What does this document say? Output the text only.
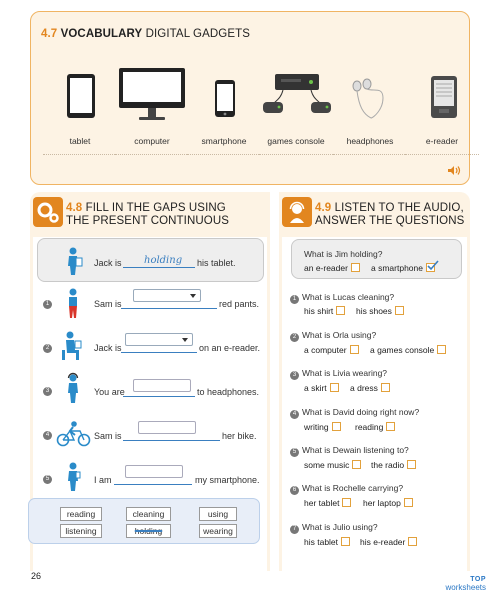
4.7 VOCABULARY DIGITAL GADGETS
tablet	computer	smartphone	games console	headphones	e-reader
4.8 FILL IN THE GAPS USING
THE PRESENT CONTINUOUS
Jack is holding his tablet.
1	Sam is	red pants.
2	Jack is	on an e-reader.
3	You are	to headphones.
4	Sam is	her bike.
5	I am	my smartphone.
reading	cleaning	using
listening	holding	wearing
4.9 LISTEN TO THE AUDIO,
ANSWER THE QUESTIONS
What is Jim holding?
an e-reader	a smartphone
1 What is Lucas cleaning?
his shirt	his shoes
2 What is Orla using?
a computer	a games console
3 What is Livia wearing?
a skirt	a dress
4 What is David doing right now?
writing	reading
5 What is Dewain listening to?
some music	the radio
6 What is Rochelle carrying?
her tablet	her laptop
7 What is Julio using?
his tablet	his e-reader
26	TOP
worksheets
